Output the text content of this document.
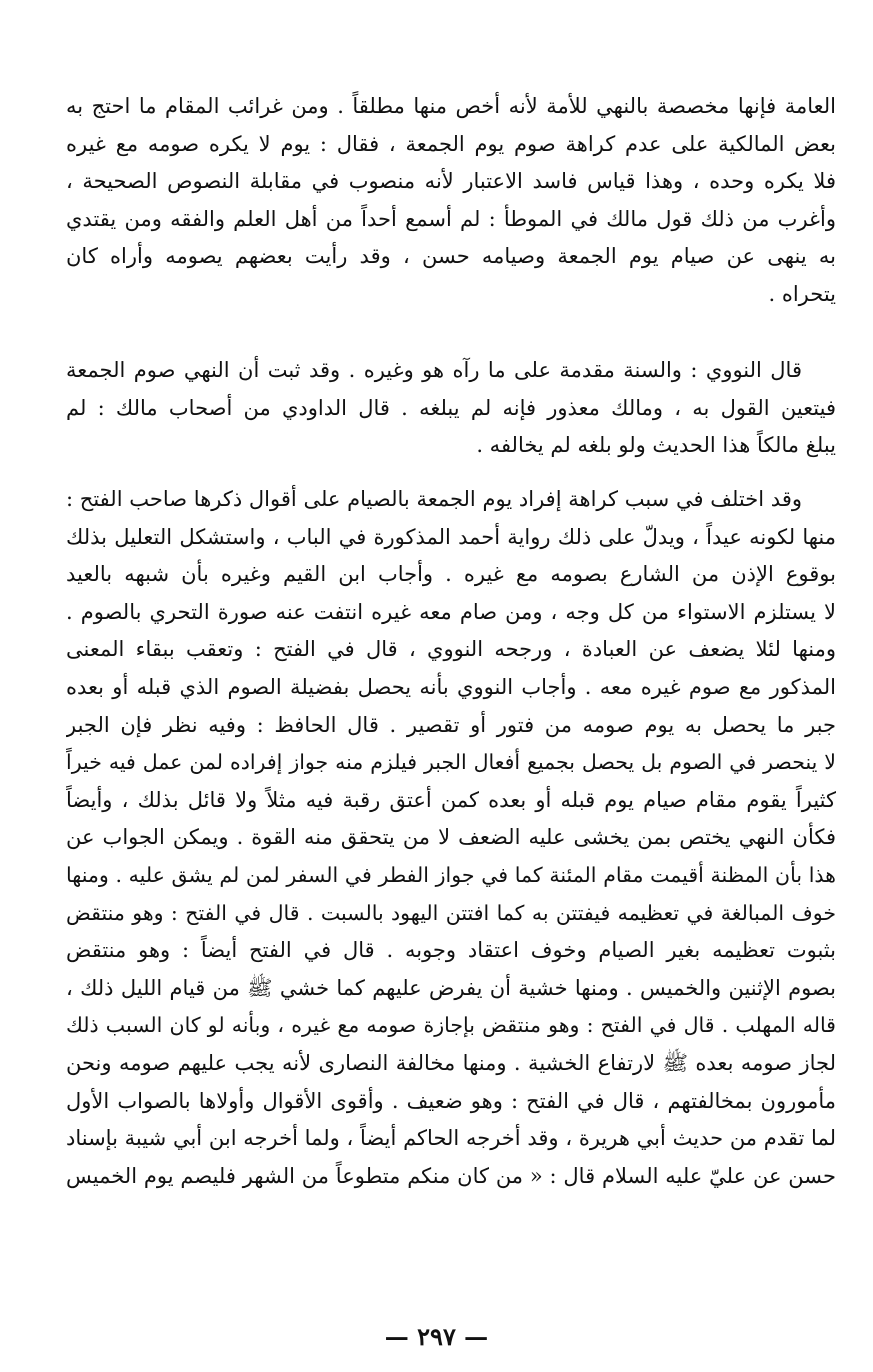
العامة فإنها مخصصة بالنهي للأمة لأنه أخص منها مطلقاً . ومن غرائب المقام ما احتج به
بعض المالكية على عدم كراهة صوم يوم الجمعة ، فقال : يوم لا يكره صومه مع غيره
فلا يكره وحده ، وهذا قياس فاسد الاعتبار لأنه منصوب في مقابلة النصوص الصحيحة ،
وأغرب من ذلك قول مالك في الموطأ : لم أسمع أحداً من أهل العلم والفقه ومن يقتدي
به ينهى عن صيام يوم الجمعة وصيامه حسن ، وقد رأيت بعضهم يصومه وأراه كان
يتحراه .

قال النووي : والسنة مقدمة على ما رآه هو وغيره . وقد ثبت أن النهي صوم الجمعة
فيتعين القول به ، ومالك معذور فإنه لم يبلغه . قال الداودي من أصحاب مالك : لم
يبلغ مالكاً هذا الحديث ولو بلغه لم يخالفه .

وقد اختلف في سبب كراهة إفراد يوم الجمعة بالصيام على أقوال ذكرها صاحب الفتح :
منها لكونه عيداً ، ويدلّ على ذلك رواية أحمد المذكورة في الباب ، واستشكل التعليل بذلك
بوقوع الإذن من الشارع بصومه مع غيره . وأجاب ابن القيم وغيره بأن شبهه بالعيد
لا يستلزم الاستواء من كل وجه ، ومن صام معه غيره انتفت عنه صورة التحري بالصوم .
ومنها لئلا يضعف عن العبادة ، ورجحه النووي ، قال في الفتح : وتعقب ببقاء المعنى
المذكور مع صوم غيره معه . وأجاب النووي بأنه يحصل بفضيلة الصوم الذي قبله أو بعده
جبر ما يحصل به يوم صومه من فتور أو تقصير . قال الحافظ : وفيه نظر فإن الجبر
لا ينحصر في الصوم بل يحصل بجميع أفعال الجبر فيلزم منه جواز إفراده لمن عمل فيه خيراً
كثيراً يقوم مقام صيام يوم قبله أو بعده كمن أعتق رقبة فيه مثلاً ولا قائل بذلك ، وأيضاً
فكأن النهي يختص بمن يخشى عليه الضعف لا من يتحقق منه القوة . ويمكن الجواب عن
هذا بأن المظنة أقيمت مقام المئنة كما في جواز الفطر في السفر لمن لم يشق عليه . ومنها
خوف المبالغة في تعظيمه فيفتتن به كما افتتن اليهود بالسبت . قال في الفتح : وهو منتقض
بثبوت تعظيمه بغير الصيام وخوف اعتقاد وجوبه . قال في الفتح أيضاً : وهو منتقض
بصوم الإثنين والخميس . ومنها خشية أن يفرض عليهم كما خشي ﷺ من قيام الليل ذلك ،
قاله المهلب . قال في الفتح : وهو منتقض بإجازة صومه مع غيره ، وبأنه لو كان السبب ذلك
لجاز صومه بعده ﷺ لارتفاع الخشية . ومنها مخالفة النصارى لأنه يجب عليهم صومه ونحن
مأمورون بمخالفتهم ، قال في الفتح : وهو ضعيف . وأقوى الأقوال وأولاها بالصواب الأول
لما تقدم من حديث أبي هريرة ، وقد أخرجه الحاكم أيضاً ، ولما أخرجه ابن أبي شيبة بإسناد
حسن عن عليّ عليه السلام قال : « من كان منكم متطوعاً من الشهر فليصم يوم الخميس

— ٢٩٧ —
